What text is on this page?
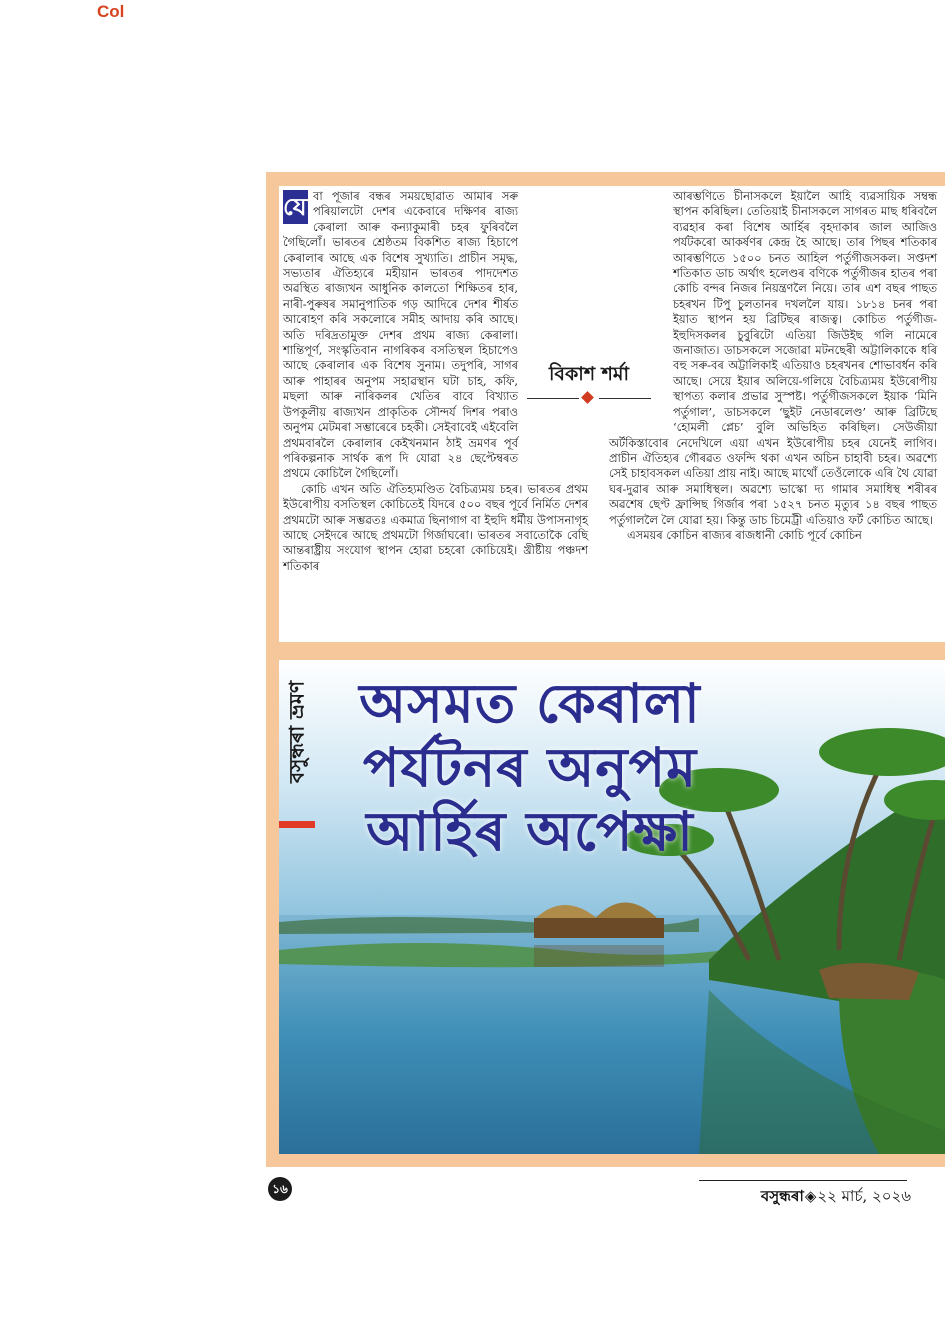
Col

যো বা পূজাৰ বন্ধৰ সময়ছোৱাত আমাৰ সৰু পৰিয়ালটো দেশৰ একেবাৰে দক্ষিণৰ ৰাজ্য কেৰালা আৰু কন্যাকুমাৰী চহৰ ফুৰিবলৈ গৈছিলোঁ। ভাৰতৰ শ্ৰেষ্ঠতম বিকশিত ৰাজ্য হিচাপে কেৰালাৰ আছে এক বিশেষ সুখ্যাতি। প্ৰাচীন সমৃদ্ধ, সভ্যতাৰ ঐতিহ্যৰে মহীয়ান ভাৰতৰ পাদদেশত অৱস্থিত ৰাজ্যখন আধুনিক কালতো শিক্ষিতৰ হাৰ, নাৰী-পুৰুষৰ সমানুপাতিক গড় আদিৰে দেশৰ শীৰ্ষত আৰোহণ কৰি সকলোৰে সমীহ আদায় কৰি আছে। অতি দৰিদ্ৰতামুক্ত দেশৰ প্ৰথম ৰাজ্য কেৰালা। শান্তিপূৰ্ণ, সংস্কৃতিবান নাগৰিকৰ বসতিস্থল হিচাপেও আছে কেৰালাৰ এক বিশেষ সুনাম। তদুপৰি, সাগৰ আৰু পাহাৰৰ অনুপম সহাৱস্থান ঘটা চাহ, কফি, মছলা আৰু নাৰিকলৰ খেতিৰ বাবে বিখ্যাত উপকূলীয় ৰাজ্যখন প্ৰাকৃতিক সৌন্দৰ্য দিশৰ পৰাও অনুপম মেটমৰা সম্ভাৰেৰে চহকী। সেইবাবেই এইবেলি প্ৰথমবাৰলৈ কেৰালাৰ কেইখনমান ঠাই ভ্ৰমণৰ পূৰ্ব পৰিকল্পনাক সাৰ্থক ৰূপ দি যোৱা ২৪ ছেপ্টেম্বৰত প্ৰথমে কোচিলৈ গৈছিলোঁ।

কোচি এখন অতি ঐতিহ্যমণ্ডিত বৈচিত্ৰ্যময় চহৰ। ভাৰতৰ প্ৰথম ইউৰোপীয় বসতিস্থল কোচিতেই যিদৰে ৫০০ বছৰ পূৰ্বে নিৰ্মিত দেশৰ প্ৰথমটো আৰু সম্ভৱতঃ একমাত্ৰ ছিনাগাগ বা ইহুদি ধৰ্মীয় উপাসনাগৃহ আছে সেইদৰে আছে প্ৰথমটো গিৰ্জাঘৰো। ভাৰতৰ সবাতোকৈ বেছি আন্তৰাষ্ট্ৰীয় সংযোগ স্থাপন হোৱা চহৰো কোচিয়েই। খ্ৰীষ্টীয় পঞ্চদশ শতিকাৰ

আৰম্ভণিতে চীনাসকলে ইয়ালৈ আহি ব্যৱসায়িক সম্বন্ধ স্থাপন কৰিছিল। তেতিয়াই চীনাসকলে সাগৰত মাছ ধৰিবলৈ ব্যৱহাৰ কৰা বিশেষ আৰ্হিৰ বৃহদাকাৰ জাল আজিও পৰ্যটকৰো আকৰ্ষণৰ কেন্দ্ৰ হৈ আছে। তাৰ পিছৰ শতিকাৰ আৰম্ভণিতে ১৫০০ চনত আহিল পৰ্তুগীজসকল। সপ্তদশ শতিকাত ডাচ অৰ্থাৎ হলেণ্ডৰ বণিকে পৰ্তুগীজৰ হাতৰ পৰা কোচি বন্দৰ নিজৰ নিয়ন্ত্ৰণলৈ নিয়ে। তাৰ এশ বছৰ পাছত চহৰখন টিপু চুলতানৰ দখললৈ যায়। ১৮১৪ চনৰ পৰা ইয়াত স্থাপন হয় ব্ৰিটিছৰ ৰাজত্ব। কোচিত পৰ্তুগীজ-ইহুদিসকলৰ চুবুৰিটো এতিয়া জিউইছ গলি নামেৰে জনাজাত। ডাচসকলে সজোৱা মটনছেৰী অট্টালিকাকে ধৰি বহু সৰু-বৰ অট্টালিকাই এতিয়াও চহৰখনৰ শোভাবৰ্ধন কৰি আছে। সেয়ে ইয়াৰ অলিয়ে-গলিয়ে বৈচিত্ৰ্যময় ইউৰোপীয় স্থাপত্য কলাৰ প্ৰভাৱ সুস্পষ্ট। পৰ্তুগীজসকলে ইয়াক ‘মিনি পৰ্তুগাল’, ডাচসকলে ‘ছুইট নেডাৰলেণ্ড’ আৰু ব্ৰিটিছে ‘হোমলী প্লেচ’ বুলি অভিহিত কৰিছিল। সেউজীয়া অৰ্টকিস্তাবোৰ নেদেখিলে এয়া এখন ইউৰোপীয় চহৰ যেনেই লাগিব। প্ৰাচীন ঐতিহ্যৰ গৌৰৱত ওফন্দি থকা এখন অচিন চাহাবী চহৰ। অৱশ্যে সেই চাহাবসকল এতিয়া প্ৰায় নাই। আছে মাথোঁ তেওঁলোকে এৰি থৈ যোৱা ঘৰ-দুৱাৰ আৰু সমাধিস্থল। অৱশ্যে ভাস্কো দ্য গামাৰ সমাধিস্থ শৰীৰৰ অৱশেষ ছেণ্ট ফ্ৰান্সিছ গিৰ্জাৰ পৰা ১৫২৭ চনত মৃত্যুৰ ১৪ বছৰ পাছত পৰ্তুগাললৈ লৈ যোৱা হয়। কিন্তু ডাচ চিমেট্ৰী এতিয়াও ফৰ্ট কোচিত আছে।

এসময়ৰ কোচিন ৰাজ্যৰ ৰাজধানী কোচি পূৰ্বে কোচিন

বিকাশ শৰ্মা
অসমত কেৰালা
পৰ্যটনৰ অনুপম
আৰ্হিৰ অপেক্ষা
বসুন্ধৰা ভ্ৰমণ
১৬	বসুন্ধৰা◈২২ মাৰ্চ, ২০২৬
